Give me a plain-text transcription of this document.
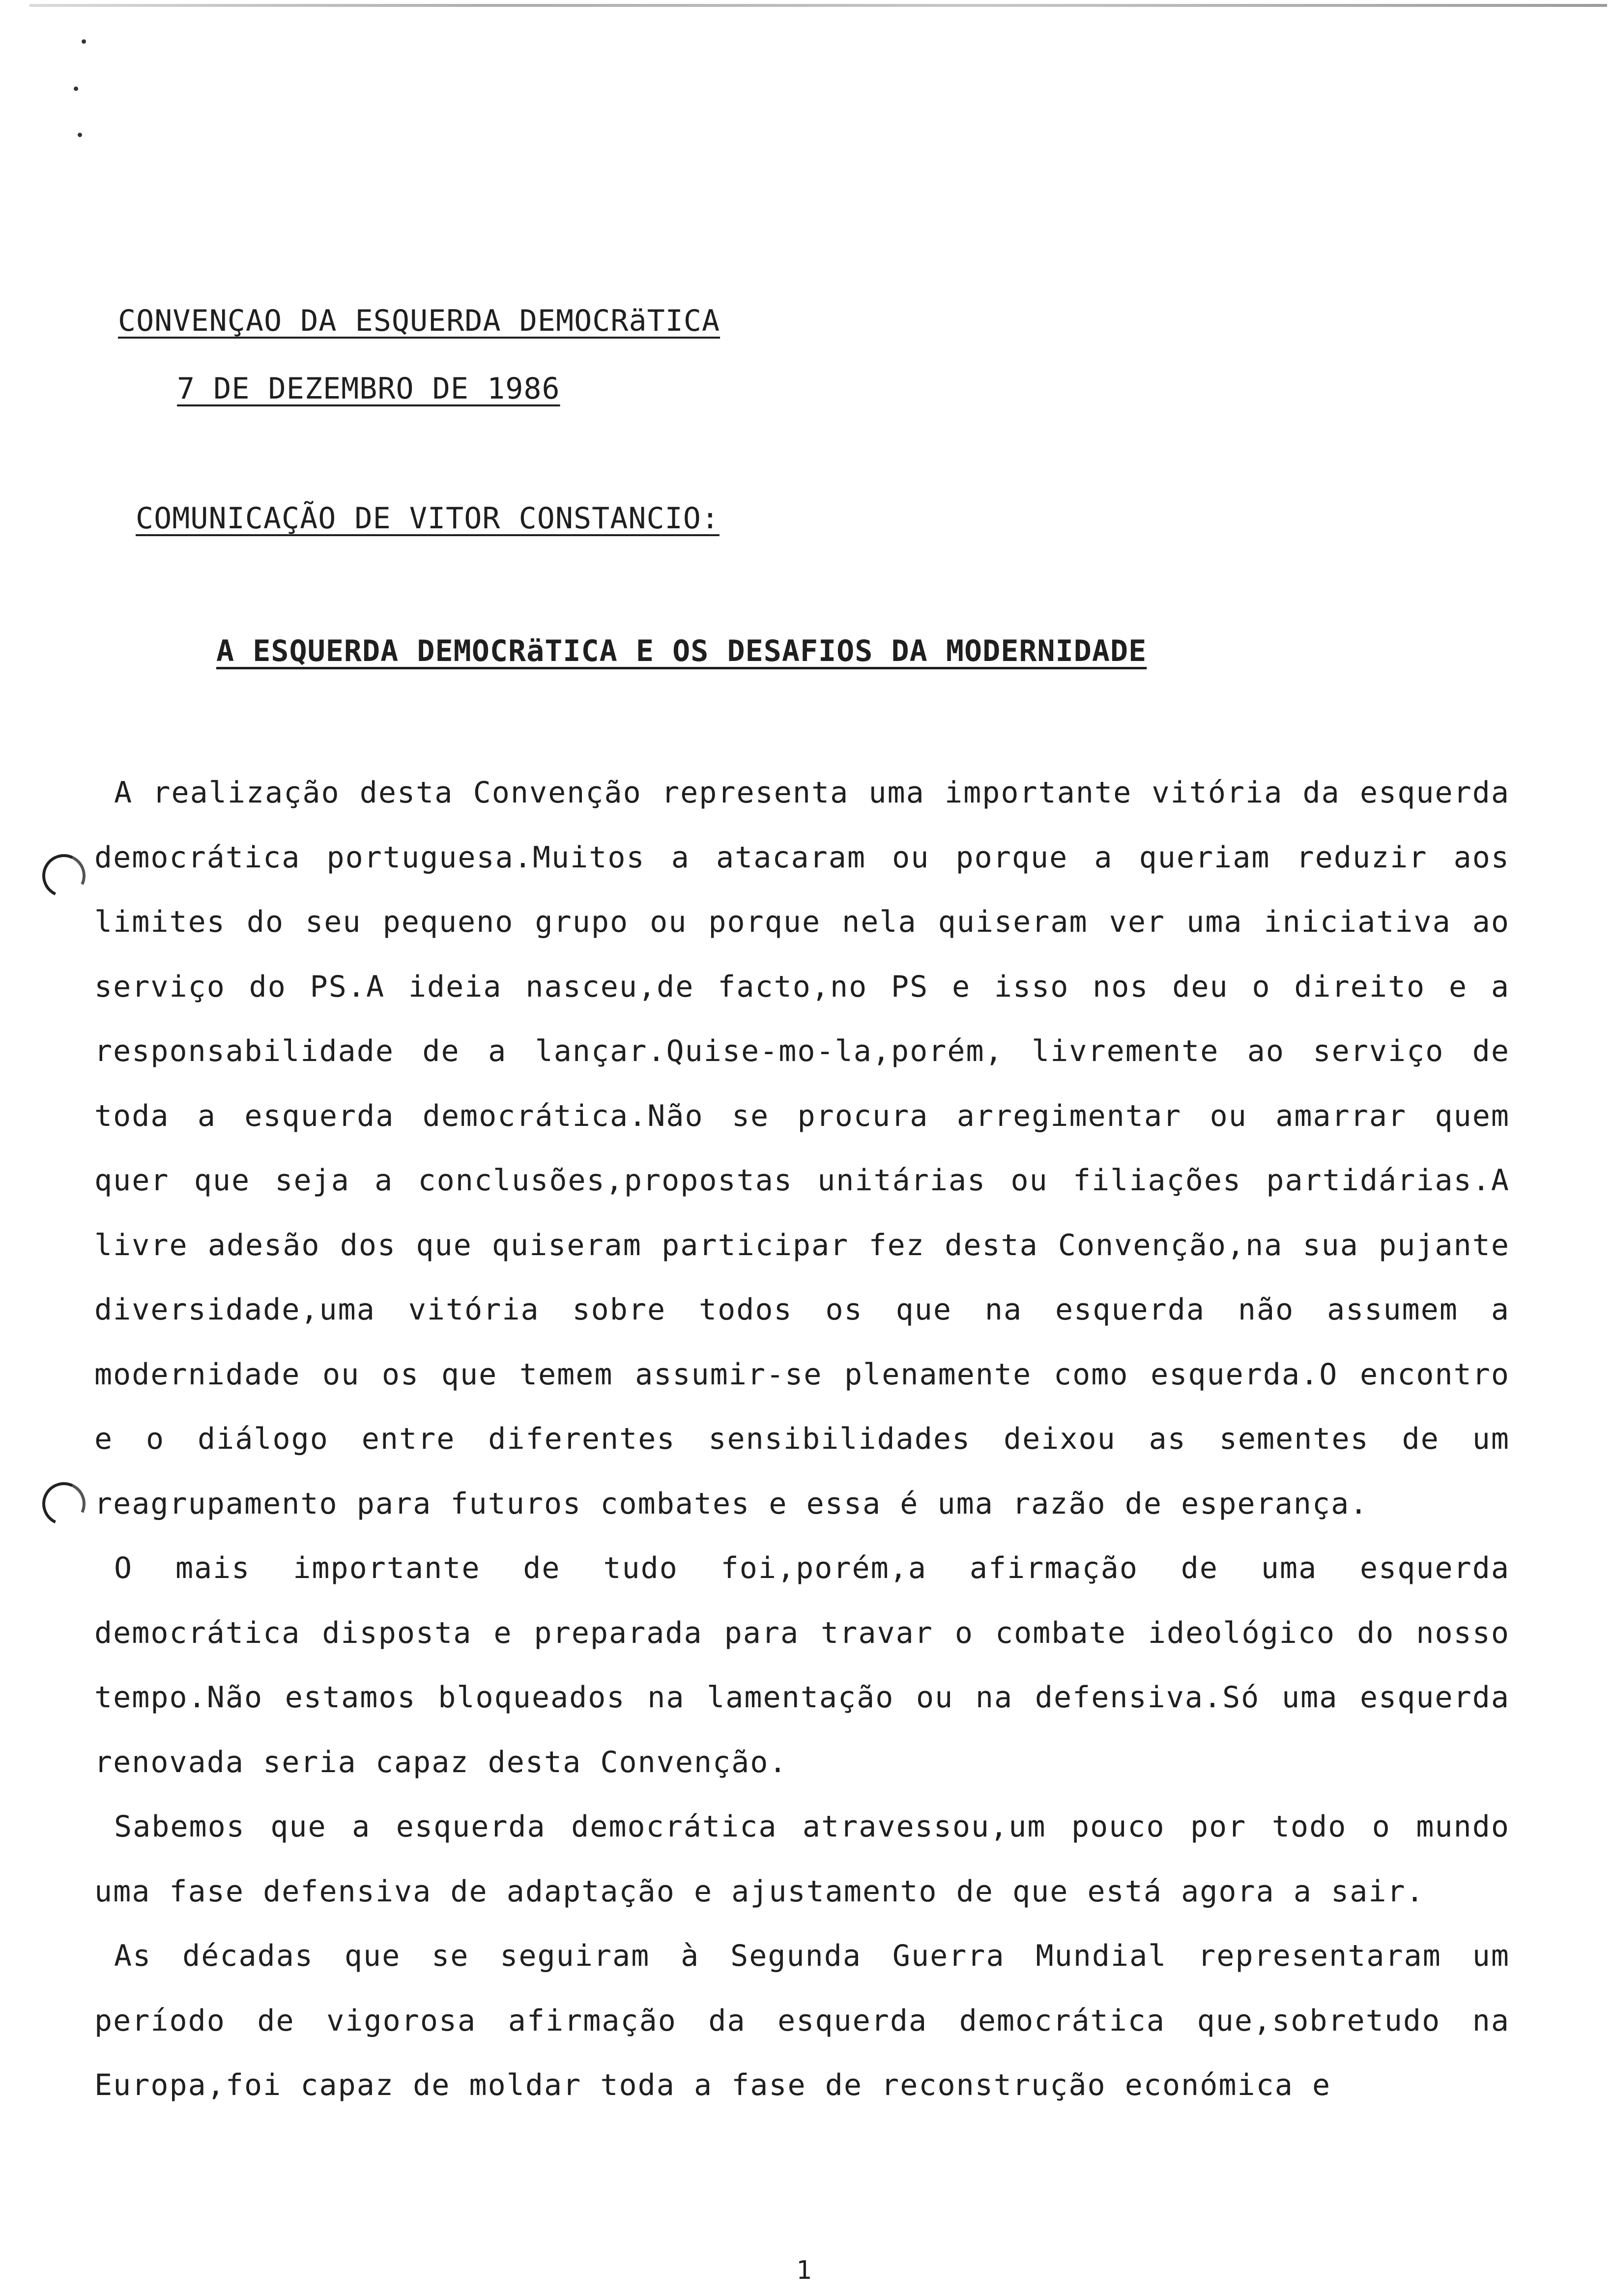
CONVENÇAO DA ESQUERDA DEMOCRäTICA
7 DE DEZEMBRO DE 1986
COMUNICAÇÃO DE VITOR CONSTANCIO:
A ESQUERDA DEMOCRäTICA E OS DESAFIOS DA MODERNIDADE

A realização desta Convenção representa uma importante vitória da esquerda democrática portuguesa.Muitos a atacaram ou porque a queriam reduzir aos limites do seu pequeno grupo ou porque nela quiseram ver uma iniciativa ao serviço do PS.A ideia nasceu,de facto,no PS e isso nos deu o direito e a responsabilidade de a lançar.Quise-mo-la,porém, livremente ao serviço de toda a esquerda democrática.Não se procura arregimentar ou amarrar quem quer que seja a conclusões,propostas unitárias ou filiações partidárias.A livre adesão dos que quiseram participar fez desta Convenção,na sua pujante diversidade,uma vitória sobre todos os que na esquerda não assumem a modernidade ou os que temem assumir-se plenamente como esquerda.O encontro e o diálogo entre diferentes sensibilidades deixou as sementes de um reagrupamento para futuros combates e essa é uma razão de esperança.

O mais importante de tudo foi,porém,a afirmação de uma esquerda democrática disposta e preparada para travar o combate ideológico do nosso tempo.Não estamos bloqueados na lamentação ou na defensiva.Só uma esquerda renovada seria capaz desta Convenção.

Sabemos que a esquerda democrática atravessou,um pouco por todo o mundo uma fase defensiva de adaptação e ajustamento de que está agora a sair.

As décadas que se seguiram à Segunda Guerra Mundial representaram um período de vigorosa afirmação da esquerda democrática que,sobretudo na Europa,foi capaz de moldar toda a fase de reconstrução económica e

1
